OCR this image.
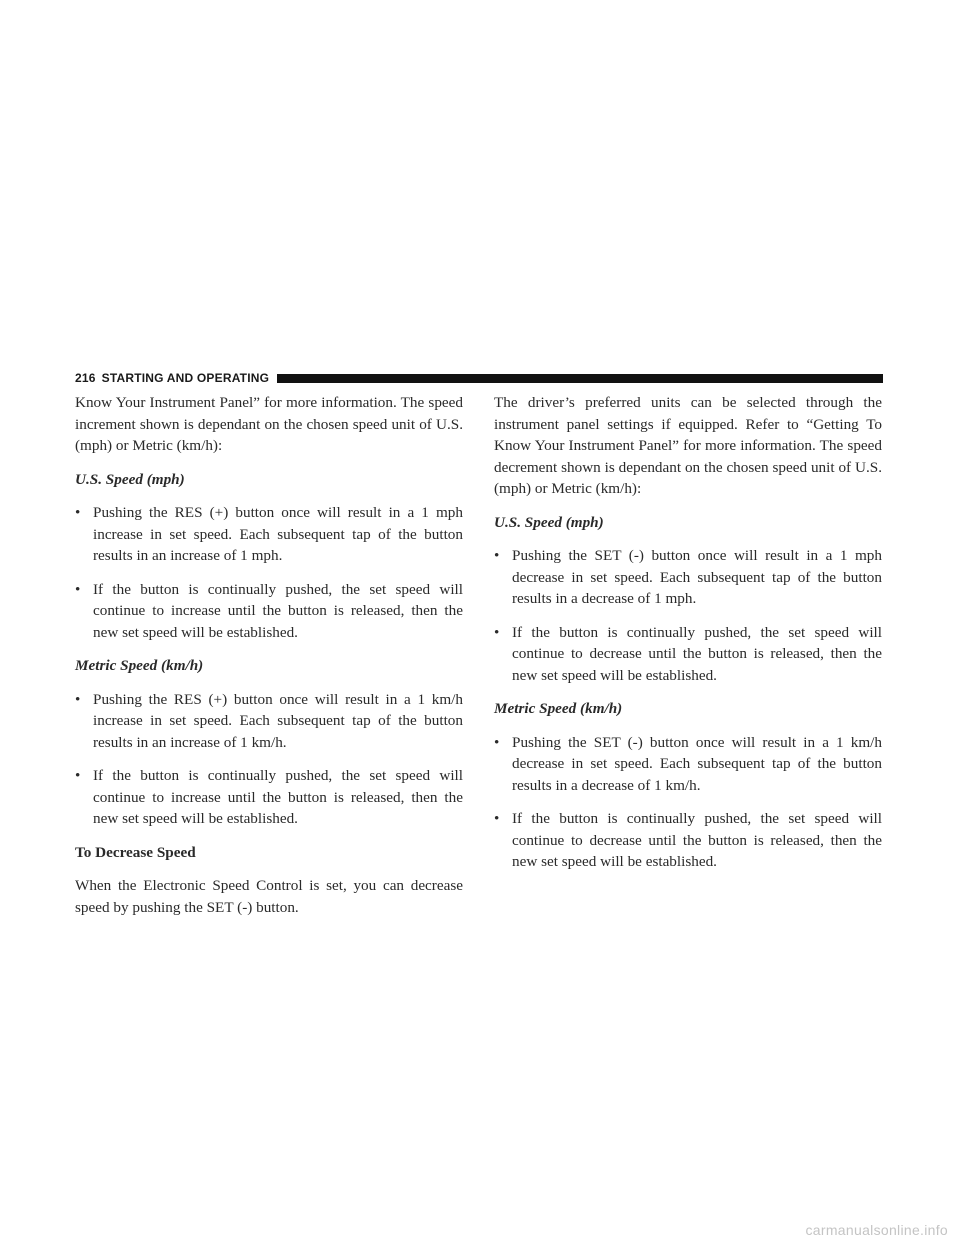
216 STARTING AND OPERATING

Know Your Instrument Panel” for more information. The speed increment shown is dependant on the chosen speed unit of U.S. (mph) or Metric (km/h):

U.S. Speed (mph)
• Pushing the RES (+) button once will result in a 1 mph increase in set speed. Each subsequent tap of the button results in an increase of 1 mph.
• If the button is continually pushed, the set speed will continue to increase until the button is released, then the new set speed will be established.
Metric Speed (km/h)
• Pushing the RES (+) button once will result in a 1 km/h increase in set speed. Each subsequent tap of the button results in an increase of 1 km/h.
• If the button is continually pushed, the set speed will continue to increase until the button is released, then the new set speed will be established.
To Decrease Speed

When the Electronic Speed Control is set, you can decrease speed by pushing the SET (-) button.

The driver’s preferred units can be selected through the instrument panel settings if equipped. Refer to “Getting To Know Your Instrument Panel” for more information. The speed decrement shown is dependant on the chosen speed unit of U.S. (mph) or Metric (km/h):

U.S. Speed (mph)
• Pushing the SET (-) button once will result in a 1 mph decrease in set speed. Each subsequent tap of the button results in a decrease of 1 mph.
• If the button is continually pushed, the set speed will continue to decrease until the button is released, then the new set speed will be established.
Metric Speed (km/h)
• Pushing the SET (-) button once will result in a 1 km/h decrease in set speed. Each subsequent tap of the button results in a decrease of 1 km/h.
• If the button is continually pushed, the set speed will continue to decrease until the button is released, then the new set speed will be established.
carmanualsonline.info
